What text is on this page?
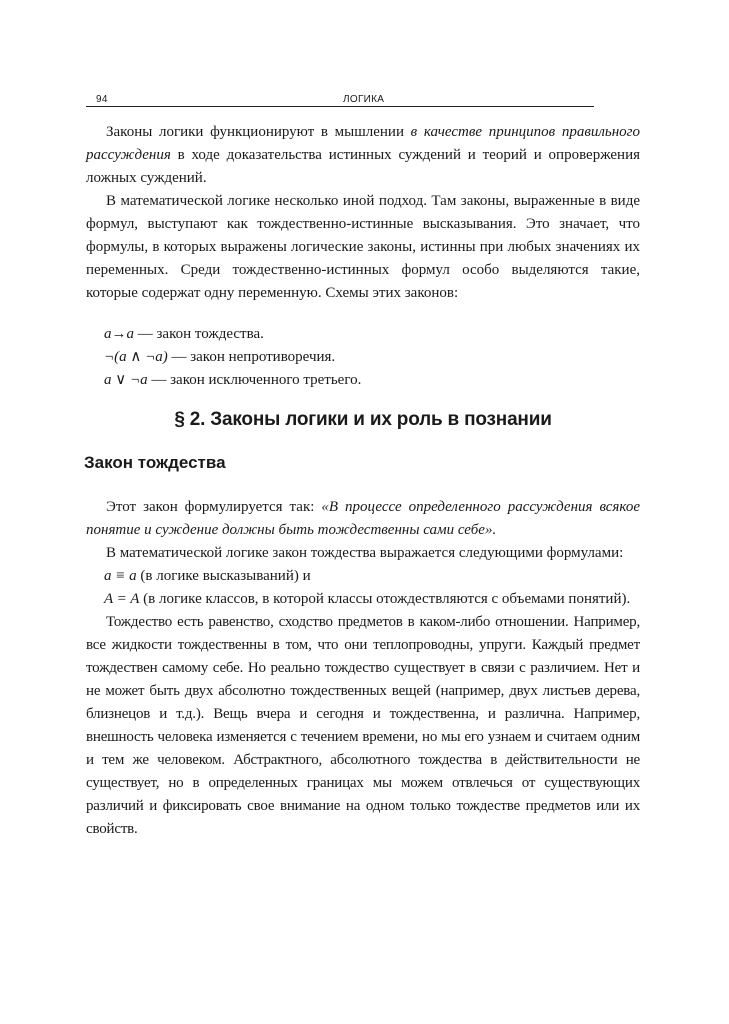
94	ЛОГИКА

Законы логики функционируют в мышлении в качестве принципов правильного рассуждения в ходе доказательства истинных суждений и теорий и опровержения ложных суждений.

В математической логике несколько иной подход. Там законы, выраженные в виде формул, выступают как тождественно-истинные высказывания. Это значает, что формулы, в которых выражены логические законы, истинны при любых значениях их переменных. Среди тождественно-истинных формул особо выделяются такие, которые содержат одну переменную. Схемы этих законов:

a→a — закон тождества.
¬(a ∧ ¬a) — закон непротиворечия.
a ∨ ¬a — закон исключенного третьего.
§ 2. Законы логики и их роль в познании
Закон тождества

Этот закон формулируется так: «В процессе определенного рассуждения всякое понятие и суждение должны быть тождественны сами себе».

В математической логике закон тождества выражается следующими формулами:

a ≡ a (в логике высказываний) и

A = A (в логике классов, в которой классы отождествляются с объемами понятий).

Тождество есть равенство, сходство предметов в каком-либо отношении. Например, все жидкости тождественны в том, что они теплопроводны, упруги. Каждый предмет тождествен самому себе. Но реально тождество существует в связи с различием. Нет и не может быть двух абсолютно тождественных вещей (например, двух листьев дерева, близнецов и т.д.). Вещь вчера и сегодня и тождественна, и различна. Например, внешность человека изменяется с течением времени, но мы его узнаем и считаем одним и тем же человеком. Абстрактного, абсолютного тождества в действительности не существует, но в определенных границах мы можем отвлечься от существующих различий и фиксировать свое внимание на одном только тождестве предметов или их свойств.
